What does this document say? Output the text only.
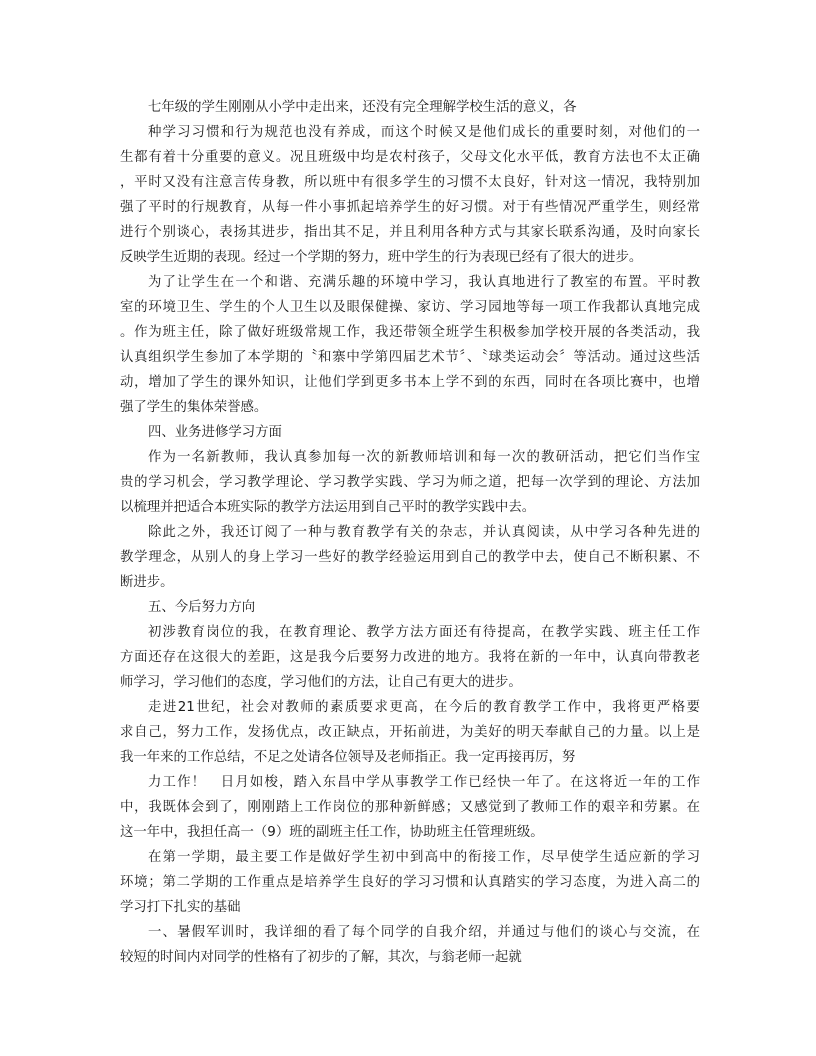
七年级的学生刚刚从小学中走出来，还没有完全理解学校生活的意义，各
种学习习惯和行为规范也没有养成，而这个时候又是他们成长的重要时刻，对他们的一
生都有着十分重要的意义。况且班级中均是农村孩子，父母文化水平低，教育方法也不太正确
，平时又没有注意言传身教，所以班中有很多学生的习惯不太良好，针对这一情况，我特别加
强了平时的行规教育，从每一件小事抓起培养学生的好习惯。对于有些情况严重学生，则经常
进行个别谈心，表扬其进步，指出其不足，并且利用各种方式与其家长联系沟通，及时向家长
反映学生近期的表现。经过一个学期的努力，班中学生的行为表现已经有了很大的进步。
为了让学生在一个和谐、充满乐趣的环境中学习，我认真地进行了教室的布置。平时教
室的环境卫生、学生的个人卫生以及眼保健操、家访、学习园地等每一项工作我都认真地完成
。作为班主任，除了做好班级常规工作，我还带领全班学生积极参加学校开展的各类活动，我
认真组织学生参加了本学期的〝和寨中学第四届艺术节〞、〝球类运动会〞等活动。通过这些活
动，增加了学生的课外知识，让他们学到更多书本上学不到的东西，同时在各项比赛中，也增
强了学生的集体荣誉感。
四、业务进修学习方面
作为一名新教师，我认真参加每一次的新教师培训和每一次的教研活动，把它们当作宝
贵的学习机会，学习教学理论、学习教学实践、学习为师之道，把每一次学到的理论、方法加
以梳理并把适合本班实际的教学方法运用到自己平时的教学实践中去。
除此之外，我还订阅了一种与教育教学有关的杂志，并认真阅读，从中学习各种先进的
教学理念，从别人的身上学习一些好的教学经验运用到自己的教学中去，使自己不断积累、不
断进步。
五、今后努力方向
初涉教育岗位的我，在教育理论、教学方法方面还有待提高，在教学实践、班主任工作
方面还存在这很大的差距，这是我今后要努力改进的地方。我将在新的一年中，认真向带教老
师学习，学习他们的态度，学习他们的方法，让自己有更大的进步。
走进21世纪，社会对教师的素质要求更高，在今后的教育教学工作中，我将更严格要
求自己，努力工作，发扬优点，改正缺点，开拓前进，为美好的明天奉献自己的力量。以上是
我一年来的工作总结，不足之处请各位领导及老师指正。我一定再接再厉，努
力工作！　日月如梭，踏入东昌中学从事教学工作已经快一年了。在这将近一年的工作
中，我既体会到了，刚刚踏上工作岗位的那种新鲜感；又感觉到了教师工作的艰辛和劳累。在
这一年中，我担任高一（9）班的副班主任工作，协助班主任管理班级。
在第一学期，最主要工作是做好学生初中到高中的衔接工作，尽早使学生适应新的学习
环境；第二学期的工作重点是培养学生良好的学习习惯和认真踏实的学习态度，为进入高二的
学习打下扎实的基础
一、暑假军训时，我详细的看了每个同学的自我介绍，并通过与他们的谈心与交流，在
较短的时间内对同学的性格有了初步的了解，其次，与翁老师一起就
